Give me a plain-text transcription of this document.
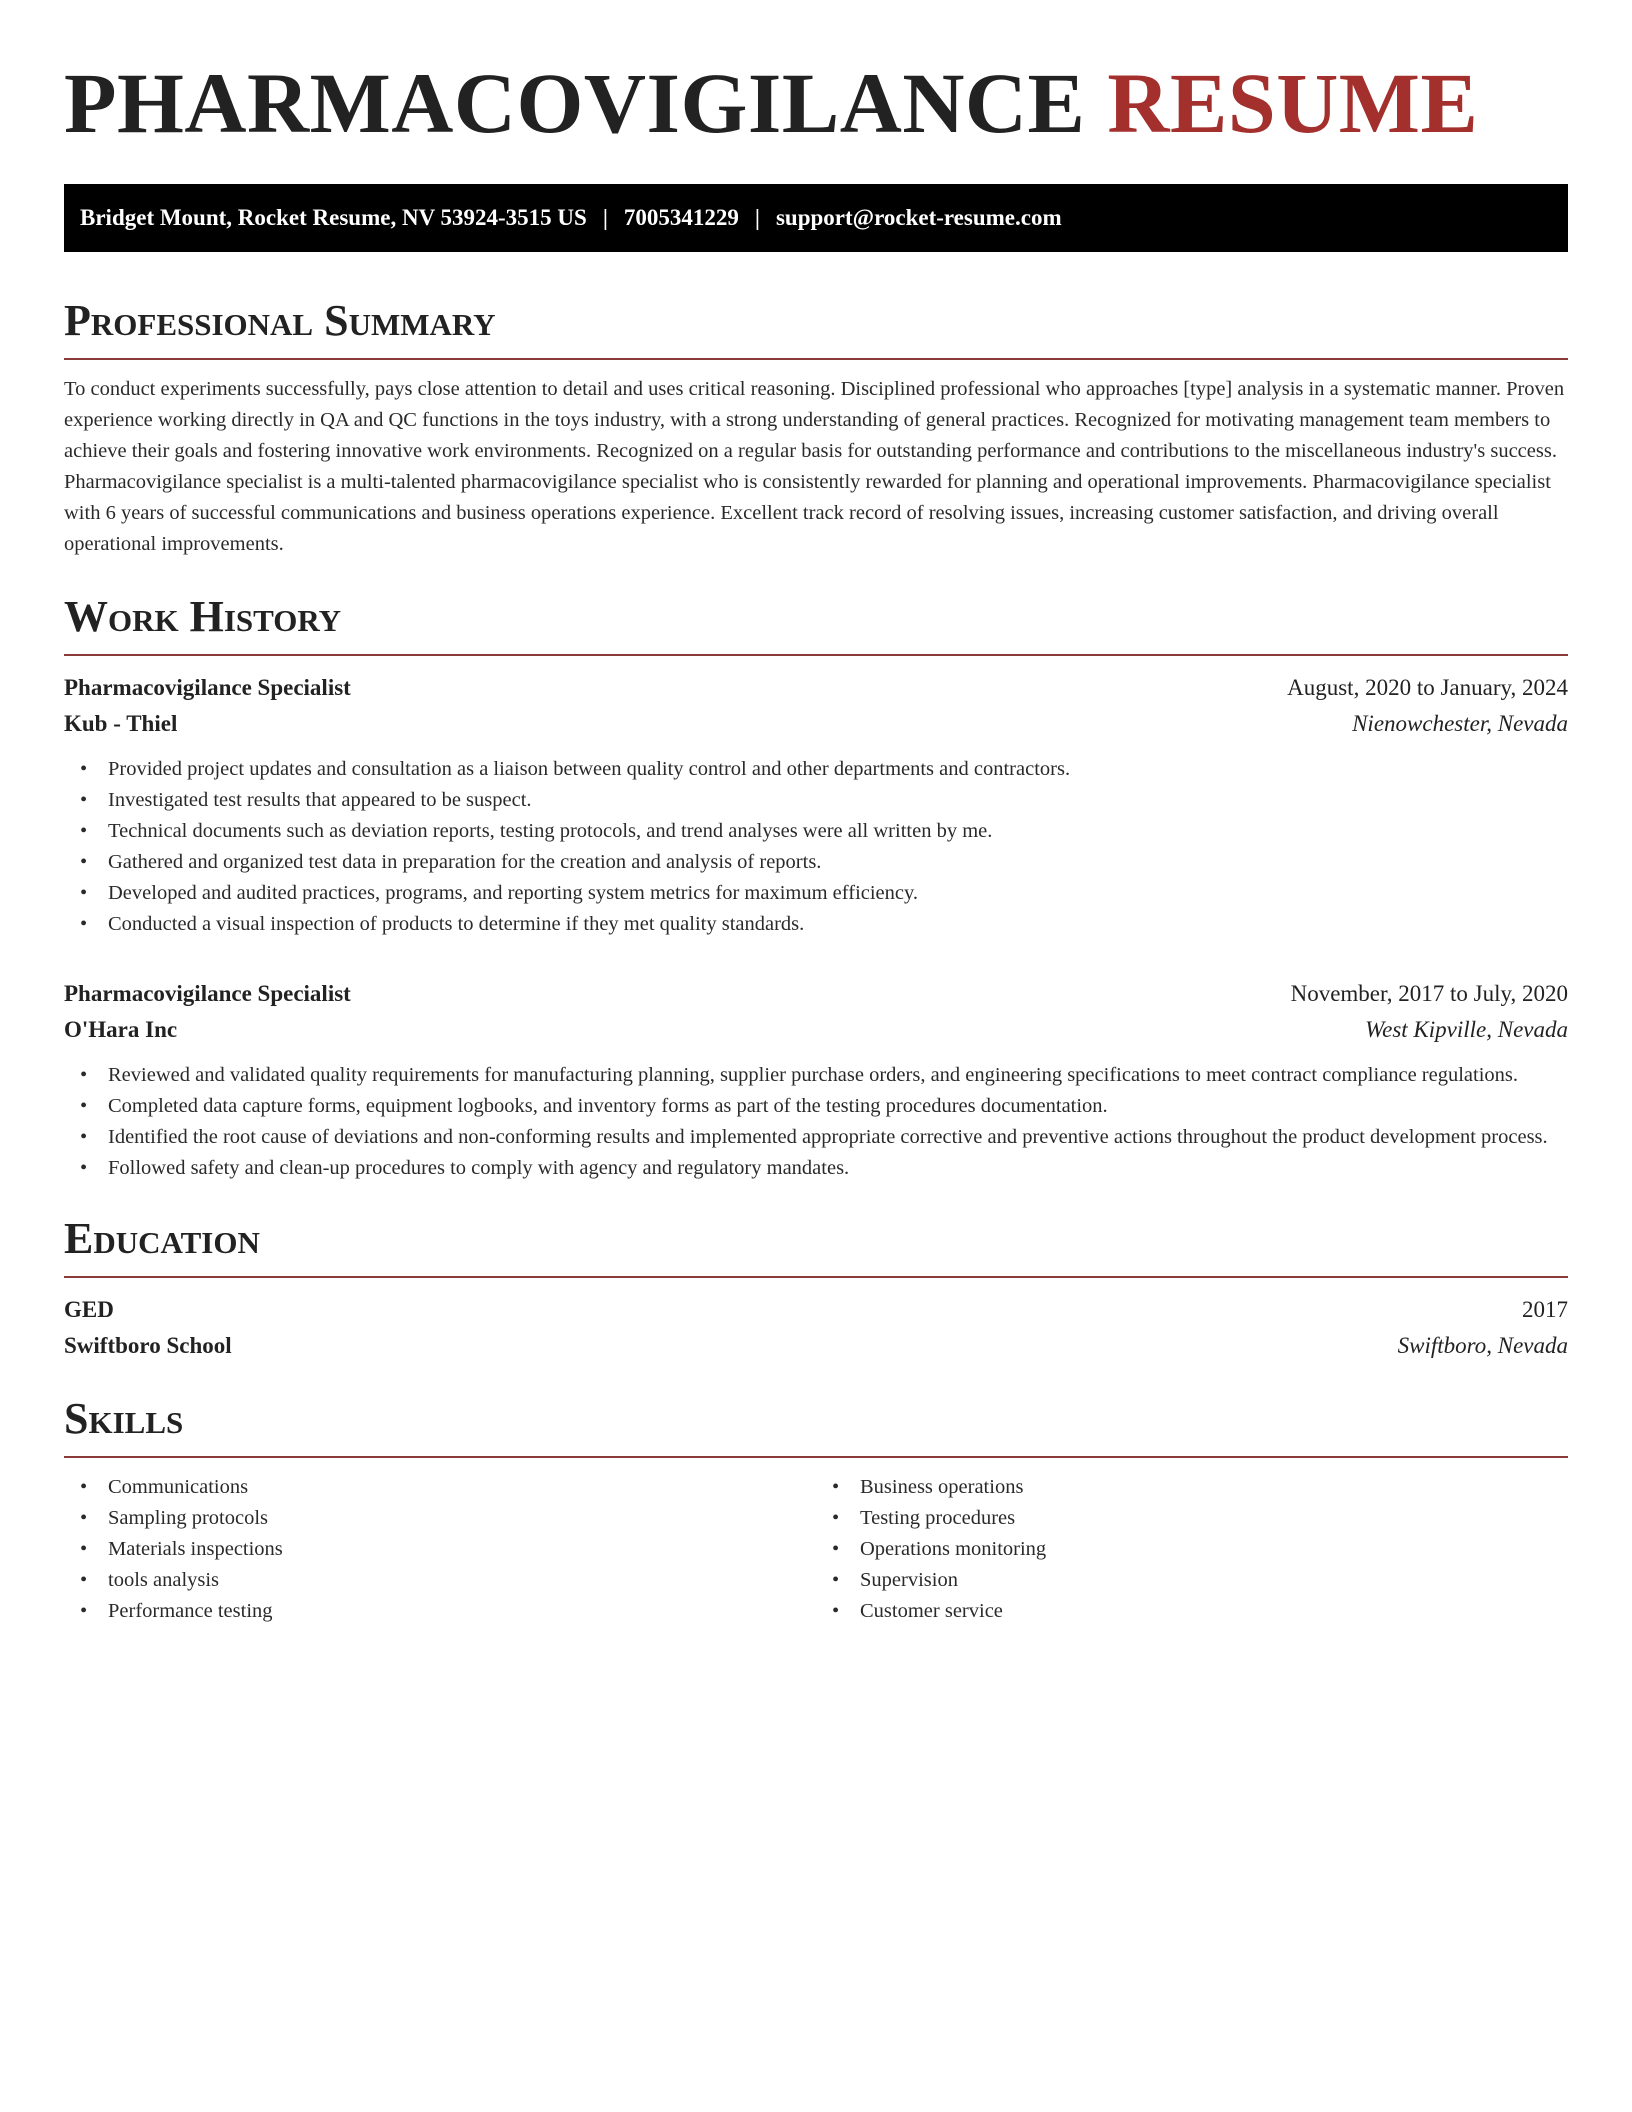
PHARMACOVIGILANCE RESUME
Bridget Mount, Rocket Resume, NV 53924-3515 US | 7005341229 | support@rocket-resume.com
Professional Summary

To conduct experiments successfully, pays close attention to detail and uses critical reasoning. Disciplined professional who approaches [type] analysis in a systematic manner. Proven experience working directly in QA and QC functions in the toys industry, with a strong understanding of general practices. Recognized for motivating management team members to achieve their goals and fostering innovative work environments. Recognized on a regular basis for outstanding performance and contributions to the miscellaneous industry's success. Pharmacovigilance specialist is a multi-talented pharmacovigilance specialist who is consistently rewarded for planning and operational improvements. Pharmacovigilance specialist with 6 years of successful communications and business operations experience. Excellent track record of resolving issues, increasing customer satisfaction, and driving overall operational improvements.

Work History
Pharmacovigilance Specialist	August, 2020 to January, 2024
Kub - Thiel	Nienowchester, Nevada
• Provided project updates and consultation as a liaison between quality control and other departments and contractors.
• Investigated test results that appeared to be suspect.
• Technical documents such as deviation reports, testing protocols, and trend analyses were all written by me.
• Gathered and organized test data in preparation for the creation and analysis of reports.
• Developed and audited practices, programs, and reporting system metrics for maximum efficiency.
• Conducted a visual inspection of products to determine if they met quality standards.
Pharmacovigilance Specialist	November, 2017 to July, 2020
O'Hara Inc	West Kipville, Nevada
• Reviewed and validated quality requirements for manufacturing planning, supplier purchase orders, and engineering specifications to meet contract compliance regulations.
• Completed data capture forms, equipment logbooks, and inventory forms as part of the testing procedures documentation.
• Identified the root cause of deviations and non-conforming results and implemented appropriate corrective and preventive actions throughout the product development process.
• Followed safety and clean-up procedures to comply with agency and regulatory mandates.
Education
GED	2017
Swiftboro School	Swiftboro, Nevada
Skills
• Communications
• Sampling protocols
• Materials inspections
• tools analysis
• Performance testing
• Business operations
• Testing procedures
• Operations monitoring
• Supervision
• Customer service
